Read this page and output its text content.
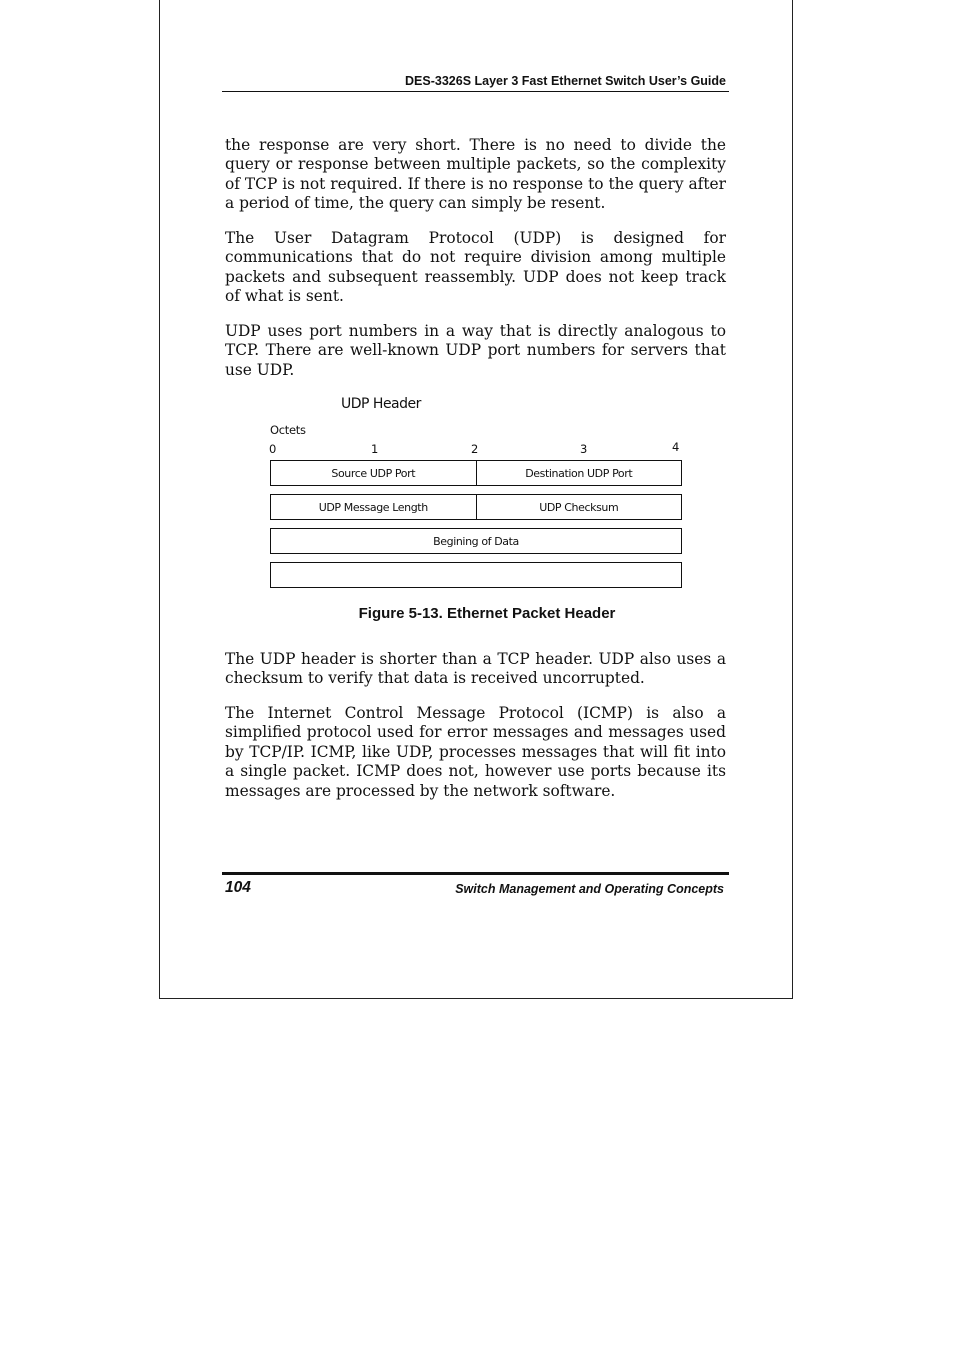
DES-3326S Layer 3 Fast Ethernet Switch User’s Guide

the response are very short. There is no need to divide the query or response between multiple packets, so the complexity of TCP is not required. If there is no response to the query after a period of time, the query can simply be resent.

The User Datagram Protocol (UDP) is designed for communications that do not require division among multiple packets and subsequent reassembly. UDP does not keep track of what is sent.

UDP uses port numbers in a way that is directly analogous to TCP. There are well-known UDP port numbers for servers that use UDP.

UDP Header
Octets
0	1	2	3	4
Source UDP Port	Destination UDP Port
UDP Message Length	UDP Checksum
Begining of Data
Figure 5-13. Ethernet Packet Header

The UDP header is shorter than a TCP header. UDP also uses a checksum to verify that data is received uncorrupted.

The Internet Control Message Protocol (ICMP) is also a simplified protocol used for error messages and messages used by TCP/IP. ICMP, like UDP, processes messages that will fit into a single packet. ICMP does not, however use ports because its messages are processed by the network software.

104	Switch Management and Operating Concepts
